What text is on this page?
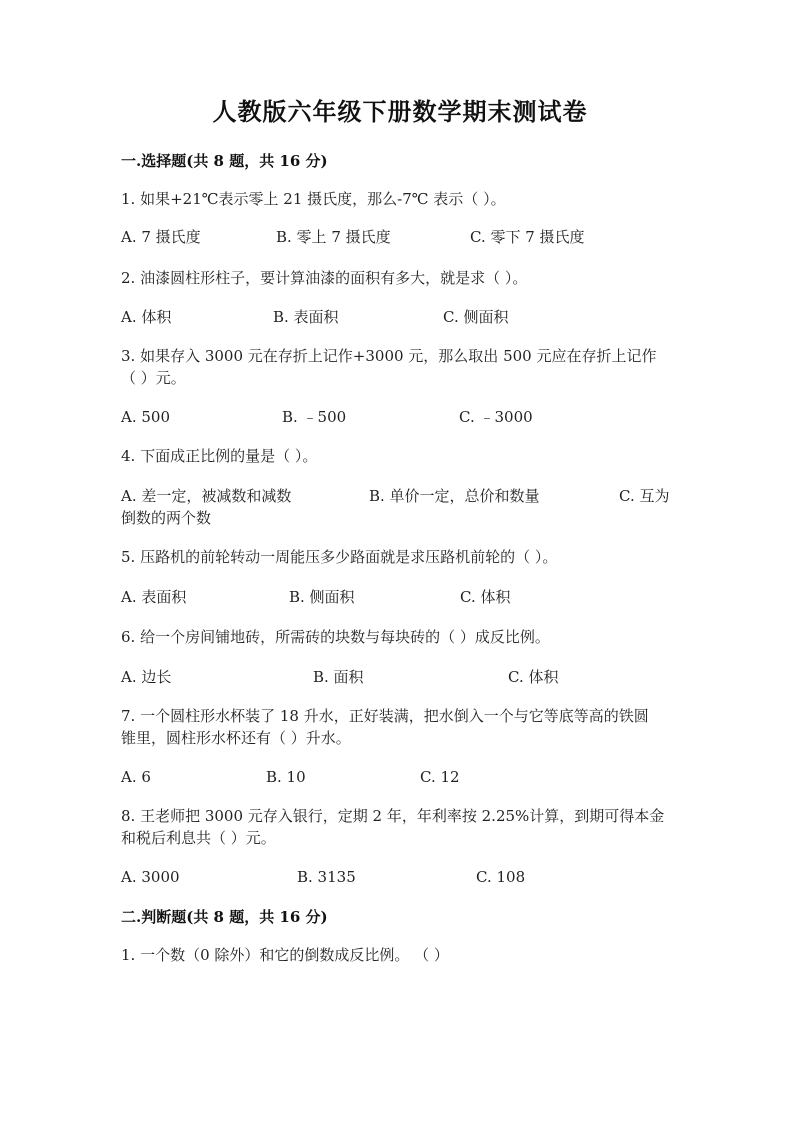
人教版六年级下册数学期末测试卷
一.选择题(共 8 题，共 16 分)
1. 如果+21℃表示零上 21 摄氏度，那么-7℃ 表示（ ）。
A. 7 摄氏度	B. 零上 7 摄氏度	C. 零下 7 摄氏度
2. 油漆圆柱形柱子，要计算油漆的面积有多大，就是求（ ）。
A. 体积	B. 表面积	C. 侧面积
3. 如果存入 3000 元在存折上记作+3000 元，那么取出 500 元应在存折上记作
（ ）元。
A. 500	B. ﹣500	C. ﹣3000
4. 下面成正比例的量是（ ）。
A. 差一定，被减数和减数	B. 单价一定，总价和数量	C. 互为
倒数的两个数
5. 压路机的前轮转动一周能压多少路面就是求压路机前轮的（ ）。
A. 表面积	B. 侧面积	C. 体积
6. 给一个房间铺地砖，所需砖的块数与每块砖的（ ）成反比例。
A. 边长	B. 面积	C. 体积
7. 一个圆柱形水杯装了 18 升水，正好装满，把水倒入一个与它等底等高的铁圆
锥里，圆柱形水杯还有（ ）升水。
A. 6	B. 10	C. 12
8. 王老师把 3000 元存入银行，定期 2 年，年利率按 2.25%计算，到期可得本金
和税后利息共（ ）元。
A. 3000	B. 3135	C. 108
二.判断题(共 8 题，共 16 分)
1. 一个数（0 除外）和它的倒数成反比例。 （ ）
